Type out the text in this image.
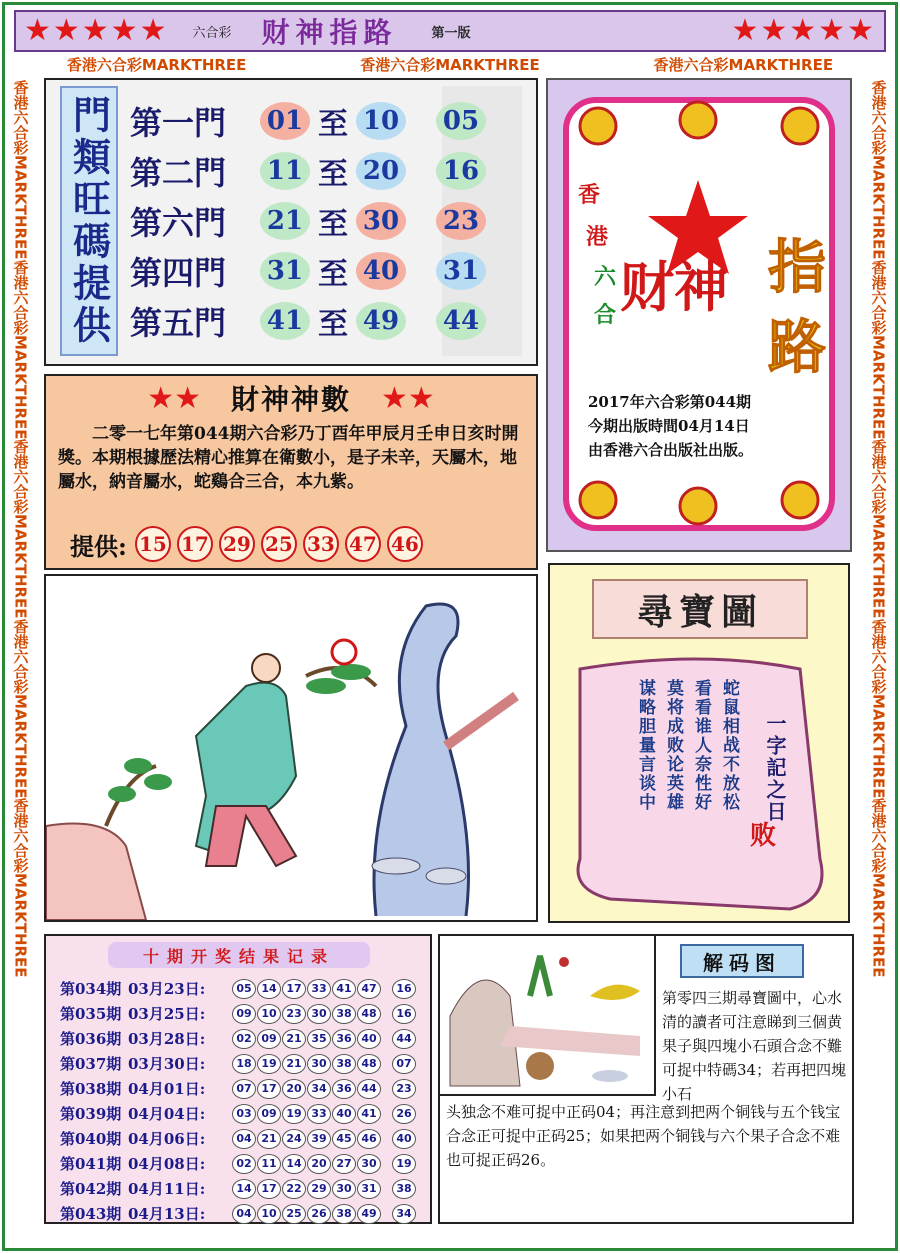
★★★★★ 六合彩 财神指路	第一版	★★★★★
香港六合彩MARKTHREE	香港六合彩MARKTHREE	香港六合彩MARKTHREE
香港六合彩MARKTHREE
香港六合彩MARKTHREE
香港六合彩MARKTHREE
香港六合彩MARKTHREE
香港六合彩MARKTHREE
香港六合彩MARKTHREE
香港六合彩MARKTHREE
香港六合彩MARKTHREE
香港六合彩MARKTHREE
香港六合彩MARKTHREE
門類旺碼提供 第一門	01 至 10 05
第二門	11 至 20 16
第六門	21 至 30 23
第四門	31 至 40 31
第五門	41 至 49 44
香
港
六
合 财神 指
路
2017年六合彩第044期
今期出版時間04月14日
由香港六合出版社出版。
★★ 財神神數 ★★
二零一七年第044期六合彩乃丁酉年甲辰月壬申日亥时開獎。本期根據歷法精心推算在衛數小，是子未辛，天屬木，地屬水，納音屬水，蛇鷄合三合，本九紫。
提供: 15 17 29 25 33 47 46
尋寶圖
蛇鼠相战不放松
看看谁人奈性好
莫将成败论英雄
谋略胆量言谈中	一字記之日
败
十期开奖结果记录
第034期 03月23日:	05 14 17 33 41 47	16
第035期 03月25日:	09 10 23 30 38 48	16
第036期 03月28日:	02 09 21 35 36 40	44
第037期 03月30日:	18 19 21 30 38 48	07
第038期 04月01日:	07 17 20 34 36 44	23
第039期 04月04日:	03 09 19 33 40 41	26
第040期 04月06日:	04 21 24 39 45 46	40
第041期 04月08日:	02 11 14 20 27 30	19
第042期 04月11日:	14 17 22 29 30 31	38
第043期 04月13日:	04 10 25 26 38 49	34
解码图
第零四三期尋寶圖中，心水清的讀者可注意睇到三個黄果子與四塊小石頭合念不難可捉中特碼34；若再把四塊小石
头独念不难可捉中正码04；再注意到把两个铜钱与五个钱宝合念正可捉中正码25；如果把两个铜钱与六个果子合念不难也可捉正码26。
